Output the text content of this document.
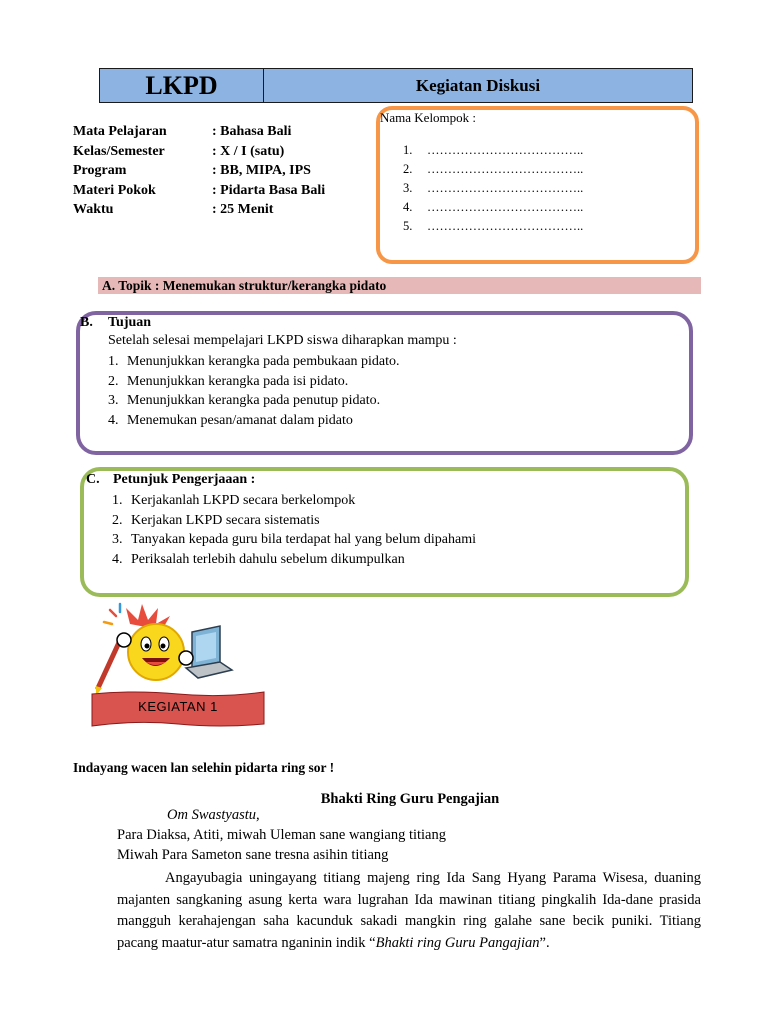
LKPD	Kegiatan Diskusi
Mata Pelajaran	: Bahasa Bali
Kelas/Semester	: X / I (satu)
Program	: BB, MIPA, IPS
Materi Pokok	: Pidarta Basa Bali
Waktu	: 25 Menit
Nama Kelompok :
1.	………………………………..
2.	………………………………..
3.	………………………………..
4.	………………………………..
5.	………………………………..
A. Topik : Menemukan struktur/kerangka pidato
B. Tujuan
Setelah selesai mempelajari LKPD siswa diharapkan mampu :
1. Menunjukkan kerangka pada pembukaan pidato.
2. Menunjukkan kerangka pada isi pidato.
3. Menunjukkan kerangka pada penutup pidato.
4. Menemukan pesan/amanat dalam pidato
C. Petunjuk Pengerjaaan :
1. Kerjakanlah LKPD secara berkelompok
2. Kerjakan LKPD secara sistematis
3. Tanyakan kepada guru bila terdapat hal yang belum dipahami
4. Periksalah terlebih dahulu sebelum dikumpulkan
KEGIATAN 1
Indayang wacen lan selehin pidarta ring sor !
Bhakti Ring Guru Pengajian
Om Swastyastu,
Para Diaksa, Atiti, miwah Uleman sane wangiang titiang
Miwah Para Sameton sane tresna asihin titiang
Angayubagia uningayang titiang majeng ring Ida Sang Hyang Parama Wisesa, duaning majanten sangkaning asung kerta wara lugrahan Ida mawinan titiang pingkalih Ida-dane prasida mangguh kerahajengan saha kacunduk sakadi mangkin ring galahe sane becik puniki. Titiang pacang maatur-atur samatra nganinin indik “Bhakti ring Guru Pangajian”.
